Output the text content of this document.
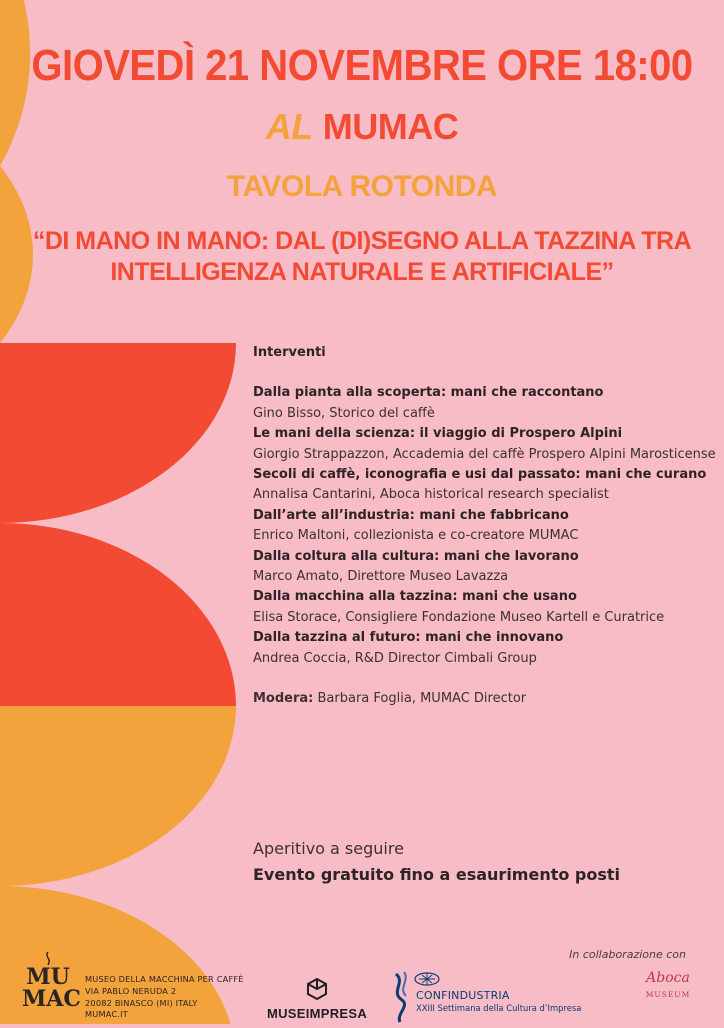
GIOVEDÌ 21 NOVEMBRE ORE 18:00
AL MUMAC
TAVOLA ROTONDA
“DI MANO IN MANO: DAL (DI)SEGNO ALLA TAZZINA TRA
INTELLIGENZA NATURALE E ARTIFICIALE”
Interventi
Dalla pianta alla scoperta: mani che raccontano
Gino Bisso, Storico del caffè
Le mani della scienza: il viaggio di Prospero Alpini
Giorgio Strappazzon, Accademia del caffè Prospero Alpini Marosticense
Secoli di caffè, iconografia e usi dal passato: mani che curano
Annalisa Cantarini, Aboca historical research specialist
Dall’arte all’industria: mani che fabbricano
Enrico Maltoni, collezionista e co-creatore MUMAC
Dalla coltura alla cultura: mani che lavorano
Marco Amato, Direttore Museo Lavazza
Dalla macchina alla tazzina: mani che usano
Elisa Storace, Consigliere Fondazione Museo Kartell e Curatrice
Dalla tazzina al futuro: mani che innovano
Andrea Coccia, R&D Director Cimbali Group
Modera: Barbara Foglia, MUMAC Director
Aperitivo a seguire
Evento gratuito fino a esaurimento posti
In collaborazione con
MU
MAC
MUSEO DELLA MACCHINA PER CAFFÈ
VIA PABLO NERUDA 2
20082 BINASCO (MI) ITALY
MUMAC.IT	MUSEIMPRESA
CONFINDUSTRIA
XXIII Settimana della Cultura d’Impresa
Aboca
MUSEUM
